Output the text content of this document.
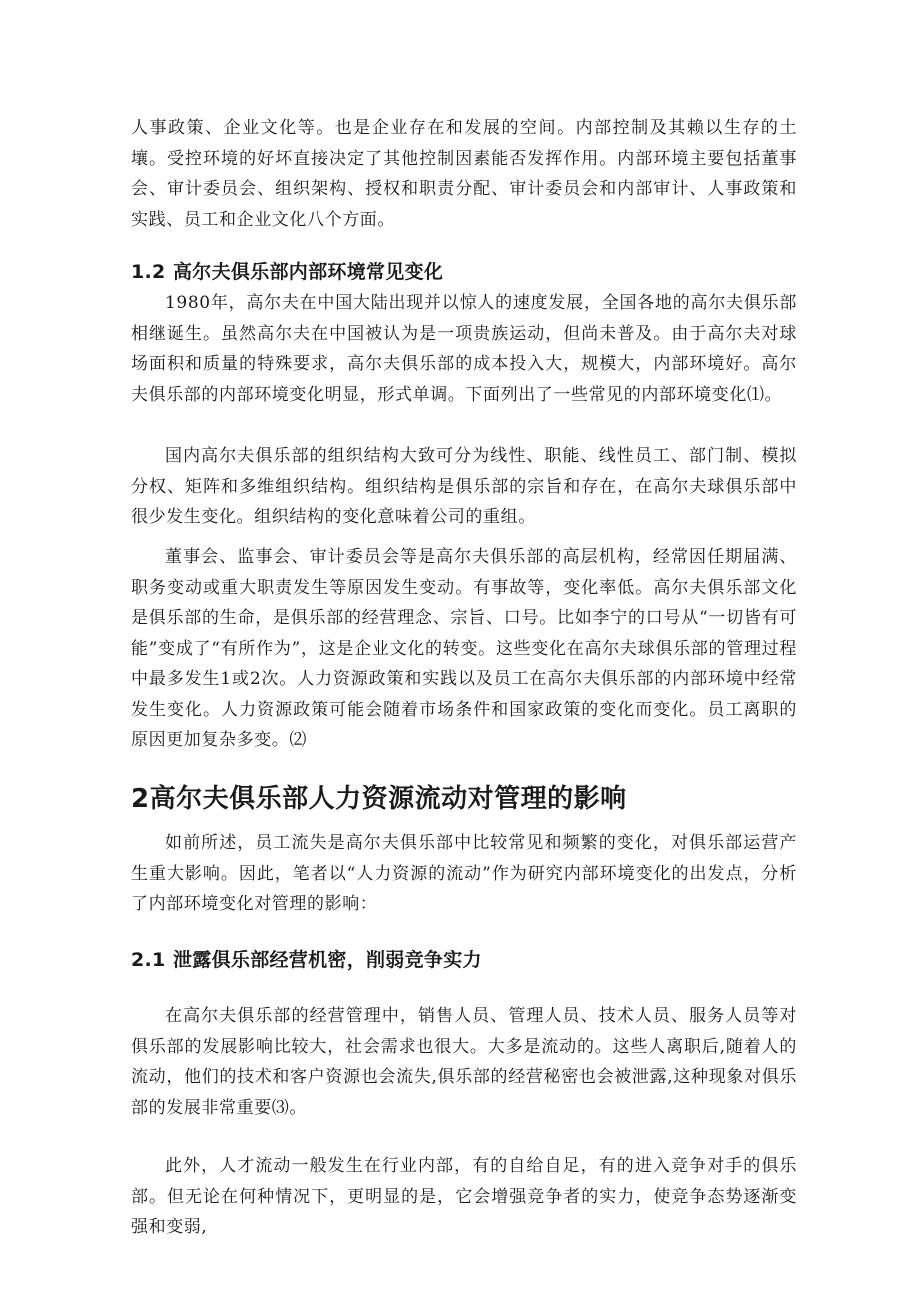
人事政策、企业文化等。也是企业存在和发展的空间。内部控制及其赖以生存的土壤。受控环境的好坏直接决定了其他控制因素能否发挥作用。内部环境主要包括董事会、审计委员会、组织架构、授权和职责分配、审计委员会和内部审计、人事政策和实践、员工和企业文化八个方面。

1.2 高尔夫俱乐部内部环境常见变化

1980年，高尔夫在中国大陆出现并以惊人的速度发展，全国各地的高尔夫俱乐部相继诞生。虽然高尔夫在中国被认为是一项贵族运动，但尚未普及。由于高尔夫对球场面积和质量的特殊要求，高尔夫俱乐部的成本投入大，规模大，内部环境好。高尔夫俱乐部的内部环境变化明显，形式单调。下面列出了一些常见的内部环境变化⑴。

国内高尔夫俱乐部的组织结构大致可分为线性、职能、线性员工、部门制、模拟分权、矩阵和多维组织结构。组织结构是俱乐部的宗旨和存在，在高尔夫球俱乐部中很少发生变化。组织结构的变化意味着公司的重组。

董事会、监事会、审计委员会等是高尔夫俱乐部的高层机构，经常因任期届满、职务变动或重大职责发生等原因发生变动。有事故等，变化率低。高尔夫俱乐部文化是俱乐部的生命，是俱乐部的经营理念、宗旨、口号。比如李宁的口号从“一切皆有可能”变成了“有所作为”，这是企业文化的转变。这些变化在高尔夫球俱乐部的管理过程中最多发生1或2次。人力资源政策和实践以及员工在高尔夫俱乐部的内部环境中经常发生变化。人力资源政策可能会随着市场条件和国家政策的变化而变化。员工离职的原因更加复杂多变。⑵

2高尔夫俱乐部人力资源流动对管理的影响

如前所述，员工流失是高尔夫俱乐部中比较常见和频繁的变化，对俱乐部运营产生重大影响。因此，笔者以“人力资源的流动”作为研究内部环境变化的出发点，分析了内部环境变化对管理的影响：

2.1 泄露俱乐部经营机密，削弱竞争实力

在高尔夫俱乐部的经营管理中，销售人员、管理人员、技术人员、服务人员等对俱乐部的发展影响比较大，社会需求也很大。大多是流动的。这些人离职后,随着人的流动，他们的技术和客户资源也会流失,俱乐部的经营秘密也会被泄露,这种现象对俱乐部的发展非常重要⑶。

此外，人才流动一般发生在行业内部，有的自给自足，有的进入竞争对手的俱乐部。但无论在何种情况下，更明显的是，它会增强竞争者的实力，使竞争态势逐渐变强和变弱,
